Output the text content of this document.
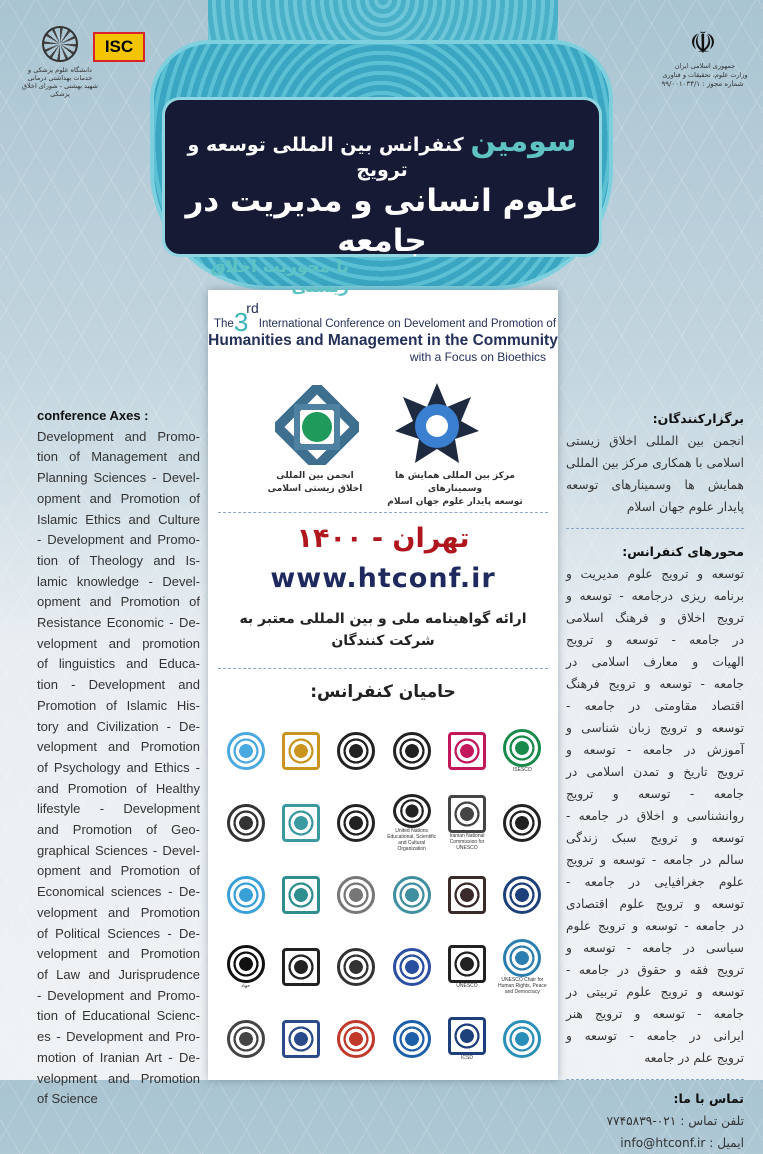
دانشگاه علوم پزشکی و خدمات بهداشتی درمانی شهید بهشتی - شورای اخلاق پزشکی
ISC	☫
جمهوری اسلامی ایران
وزارت علوم، تحقیقات و فناوری
شماره مجوز : ۹۹/۰۰۱۰۳۴/۱
سومین کنفرانس بین المللی توسعه و ترویج
علوم انسانی و مدیریت در جامعه
با محوریت اخلاق زیستی
The3rdInternational Conference on Develoment and Promotion of
Humanities and Management in the Community
with a Focus on Bioethics
انجمن بین المللی
اخلاق زیستی اسلامی
مرکز بین المللی همایش ها وسمینارهای
توسعه پایدار علوم جهان اسلام
تهران - ۱۴۰۰
www.htconf.ir
ارائه گواهینامه ملی و بین المللی معتبر به
شرکت کنندگان
حامیان کنفرانس:
ISESCO
United Nations Educational, Scientific and Cultural Organization
Iranian National Commission for UNESCO
جهاد	UNESCO
UNESCO Chair for Human Rights, Peace and Democracy
ICSD
conference Axes :
Development and Promo-
tion of Management and
Planning Sciences - Devel-
opment and Promotion of
Islamic Ethics and Culture
- Development and Promo-
tion of Theology and Is-
lamic knowledge - Devel-
opment and Promotion of
Resistance Economic - De-
velopment and promotion
of linguistics and Educa-
tion - Development and
Promotion of Islamic His-
tory and Civilization - De-
velopment and Promotion
of Psychology and Ethics -
and Promotion of Healthy
lifestyle - Development
and Promotion of Geo-
graphical Sciences - Devel-
opment and Promotion of
Economical sciences - De-
velopment and Promotion
of Political Sciences - De-
velopment and Promotion
of Law and Jurisprudence
- Development and Promo-
tion of Educational Scienc-
es - Development and Pro-
motion of Iranian Art - De-
velopment and Promotion
of Science
برگزارکنندگان:
انجمن بین المللی اخلاق زیستی
اسلامی با همکاری مرکز بین المللی
همایش ها وسمینارهای توسعه
پایدار علوم جهان اسلام
محورهای کنفرانس:
توسعه و ترویج علوم مدیریت و
برنامه ریزی درجامعه - توسعه و
ترویج اخلاق و فرهنگ اسلامی
در جامعه - توسعه و ترویج
الهیات و معارف اسلامی در
جامعه - توسعه و ترویج فرهنگ
اقتصاد مقاومتی در جامعه -
توسعه و ترویج زبان شناسی و
آموزش در جامعه - توسعه و
ترویج تاریخ و تمدن اسلامی در
جامعه - توسعه و ترویج
روانشناسی و اخلاق در جامعه -
توسعه و ترویج سبک زندگی
سالم در جامعه - توسعه و ترویج
علوم جغرافیایی در جامعه -
توسعه و ترویج علوم اقتصادی
در جامعه - توسعه و ترویج علوم
سیاسی در جامعه - توسعه و
ترویج فقه و حقوق در جامعه -
توسعه و ترویج علوم تربیتی در
جامعه - توسعه و ترویج هنر
ایرانی در جامعه - توسعه و
ترویج علم در جامعه
تماس با ما:
تلفن تماس : ۰۲۱-۷۷۴۵۸۳۹
ایمیل : info@htconf.ir
